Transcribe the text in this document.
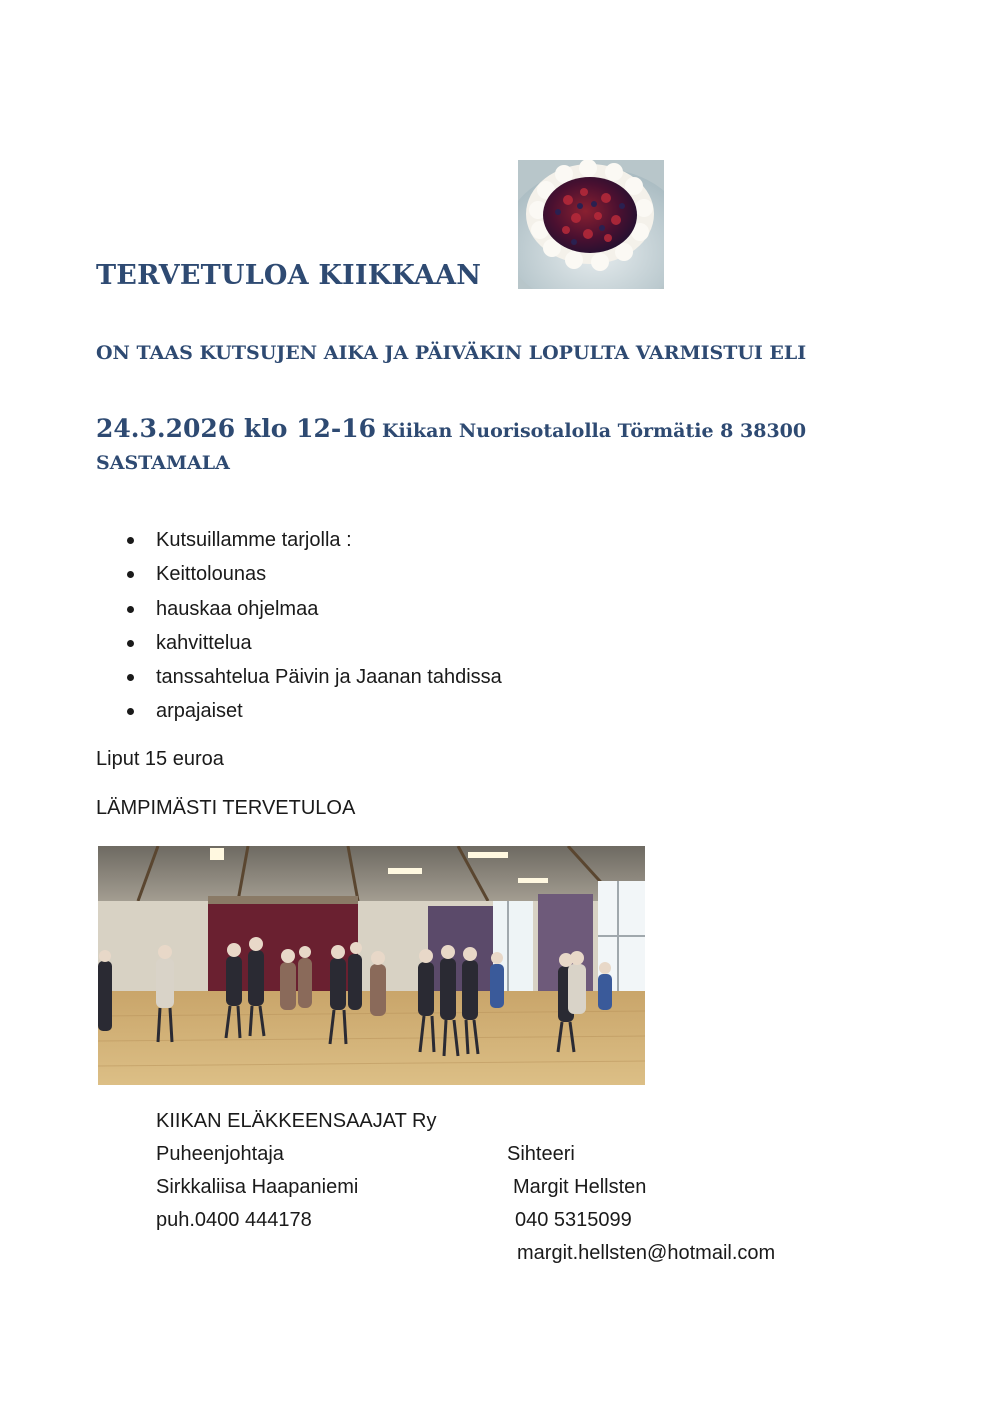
TERVETULOA KIIKKAAN
ON TAAS KUTSUJEN AIKA JA PÄIVÄKIN LOPULTA VARMISTUI ELI
24.3.2026 klo 12-16 Kiikan Nuorisotalolla Törmätie 8 38300
SASTAMALA
Kutsuillamme tarjolla :
Keittolounas
hauskaa ohjelmaa
kahvittelua
tanssahtelua Päivin ja Jaanan tahdissa
arpajaiset
Liput 15 euroa
LÄMPIMÄSTI TERVETULOA
KIIKAN ELÄKKEENSAAJAT Ry
Puheenjohtaja
Sirkkaliisa Haapaniemi
puh.0400 444178
Sihteeri
Margit Hellsten
040 5315099
margit.hellsten@hotmail.com
